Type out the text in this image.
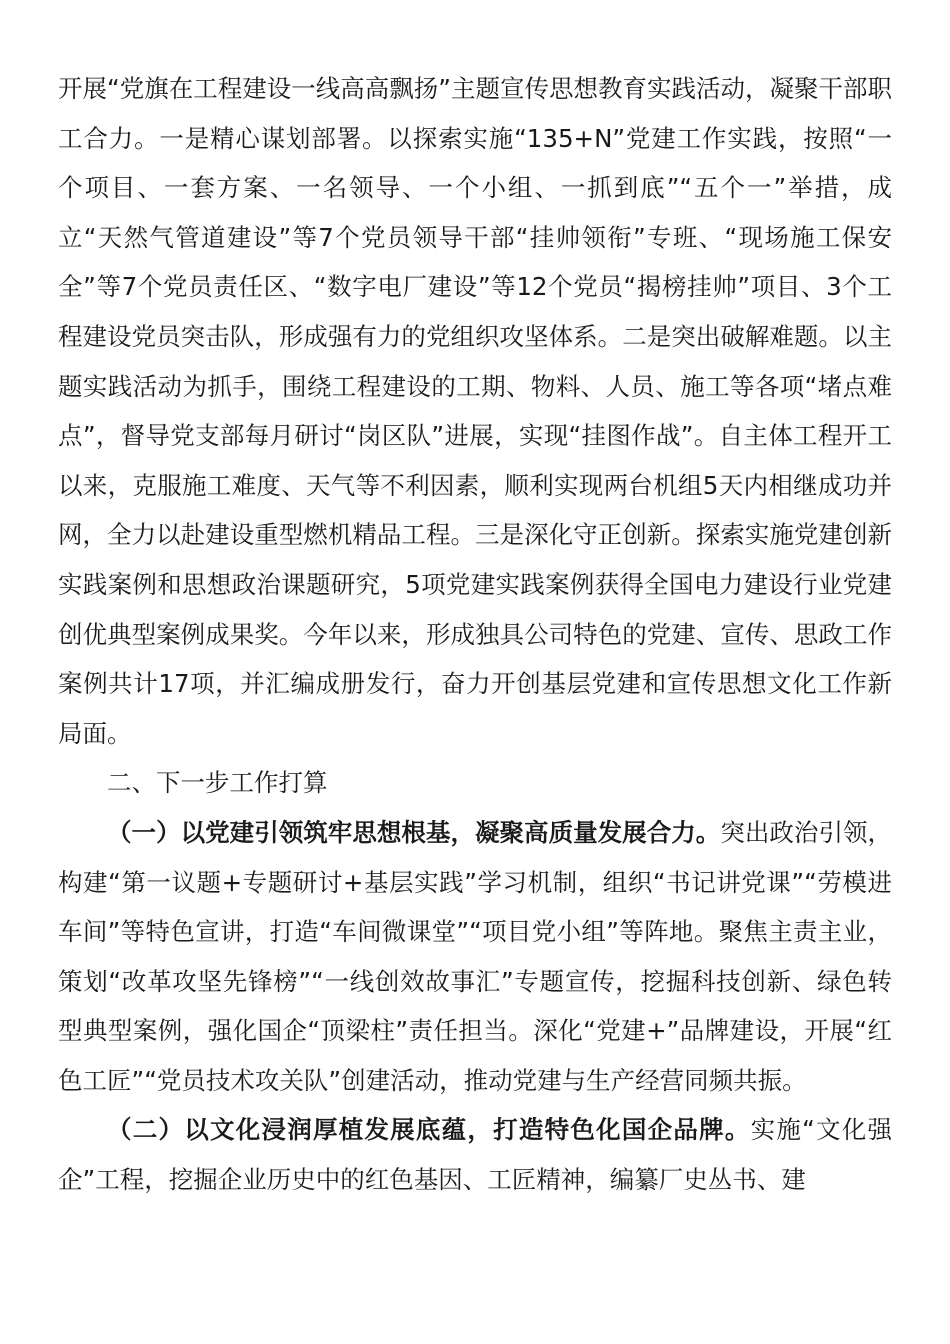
开展“党旗在工程建设一线高高飘扬”主题宣传思想教育实践活动，凝聚干部职工合力。一是精心谋划部署。以探索实施“135+N”党建工作实践，按照“一个项目、一套方案、一名领导、一个小组、一抓到底”“五个一”举措，成立“天然气管道建设”等7个党员领导干部“挂帅领衔”专班、“现场施工保安全”等7个党员责任区、“数字电厂建设”等12个党员“揭榜挂帅”项目、3个工程建设党员突击队，形成强有力的党组织攻坚体系。二是突出破解难题。以主题实践活动为抓手，围绕工程建设的工期、物料、人员、施工等各项“堵点难点”，督导党支部每月研讨“岗区队”进展，实现“挂图作战”。自主体工程开工以来，克服施工难度、天气等不利因素，顺利实现两台机组5天内相继成功并网，全力以赴建设重型燃机精品工程。三是深化守正创新。探索实施党建创新实践案例和思想政治课题研究，5项党建实践案例获得全国电力建设行业党建创优典型案例成果奖。今年以来，形成独具公司特色的党建、宣传、思政工作案例共计17项，并汇编成册发行，奋力开创基层党建和宣传思想文化工作新局面。

二、下一步工作打算

（一）以党建引领筑牢思想根基，凝聚高质量发展合力。突出政治引领，构建“第一议题+专题研讨+基层实践”学习机制，组织“书记讲党课”“劳模进车间”等特色宣讲，打造“车间微课堂”“项目党小组”等阵地。聚焦主责主业，策划“改革攻坚先锋榜”“一线创效故事汇”专题宣传，挖掘科技创新、绿色转型典型案例，强化国企“顶梁柱”责任担当。深化“党建+”品牌建设，开展“红色工匠”“党员技术攻关队”创建活动，推动党建与生产经营同频共振。

（二）以文化浸润厚植发展底蕴，打造特色化国企品牌。实施“文化强企”工程，挖掘企业历史中的红色基因、工匠精神，编纂厂史丛书、建
